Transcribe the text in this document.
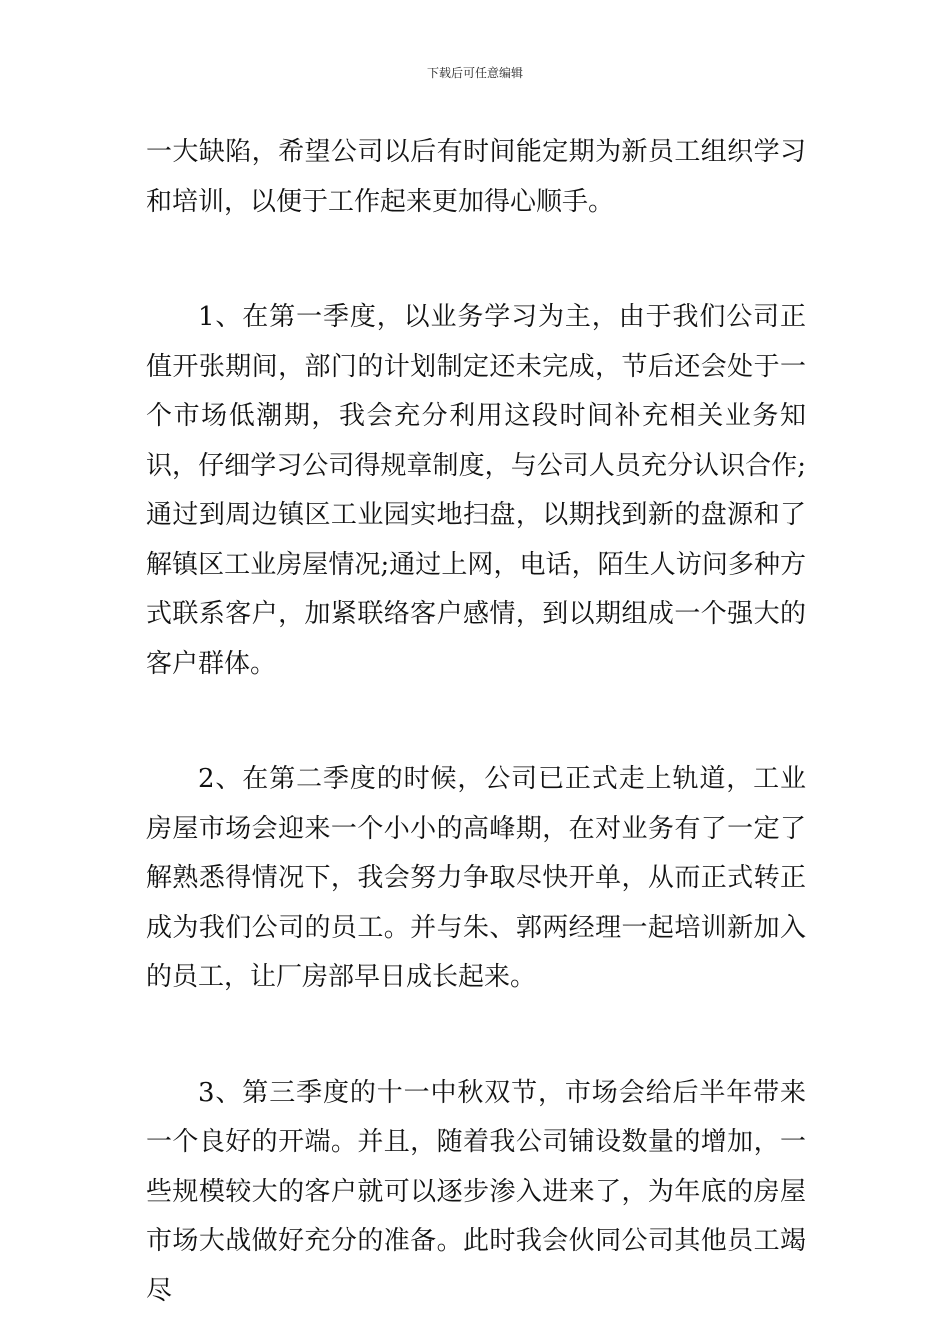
下载后可任意编辑

一大缺陷，希望公司以后有时间能定期为新员工组织学习和培训，以便于工作起来更加得心顺手。

1、在第一季度，以业务学习为主，由于我们公司正值开张期间，部门的计划制定还未完成，节后还会处于一个市场低潮期，我会充分利用这段时间补充相关业务知识，仔细学习公司得规章制度，与公司人员充分认识合作;通过到周边镇区工业园实地扫盘，以期找到新的盘源和了解镇区工业房屋情况;通过上网，电话，陌生人访问多种方式联系客户，加紧联络客户感情，到以期组成一个强大的客户群体。

2、在第二季度的时候，公司已正式走上轨道，工业房屋市场会迎来一个小小的高峰期，在对业务有了一定了解熟悉得情况下，我会努力争取尽快开单，从而正式转正成为我们公司的员工。并与朱、郭两经理一起培训新加入的员工，让厂房部早日成长起来。

3、第三季度的十一中秋双节，市场会给后半年带来一个良好的开端。并且，随着我公司铺设数量的增加，一些规模较大的客户就可以逐步渗入进来了，为年底的房屋市场大战做好充分的准备。此时我会伙同公司其他员工竭尽
